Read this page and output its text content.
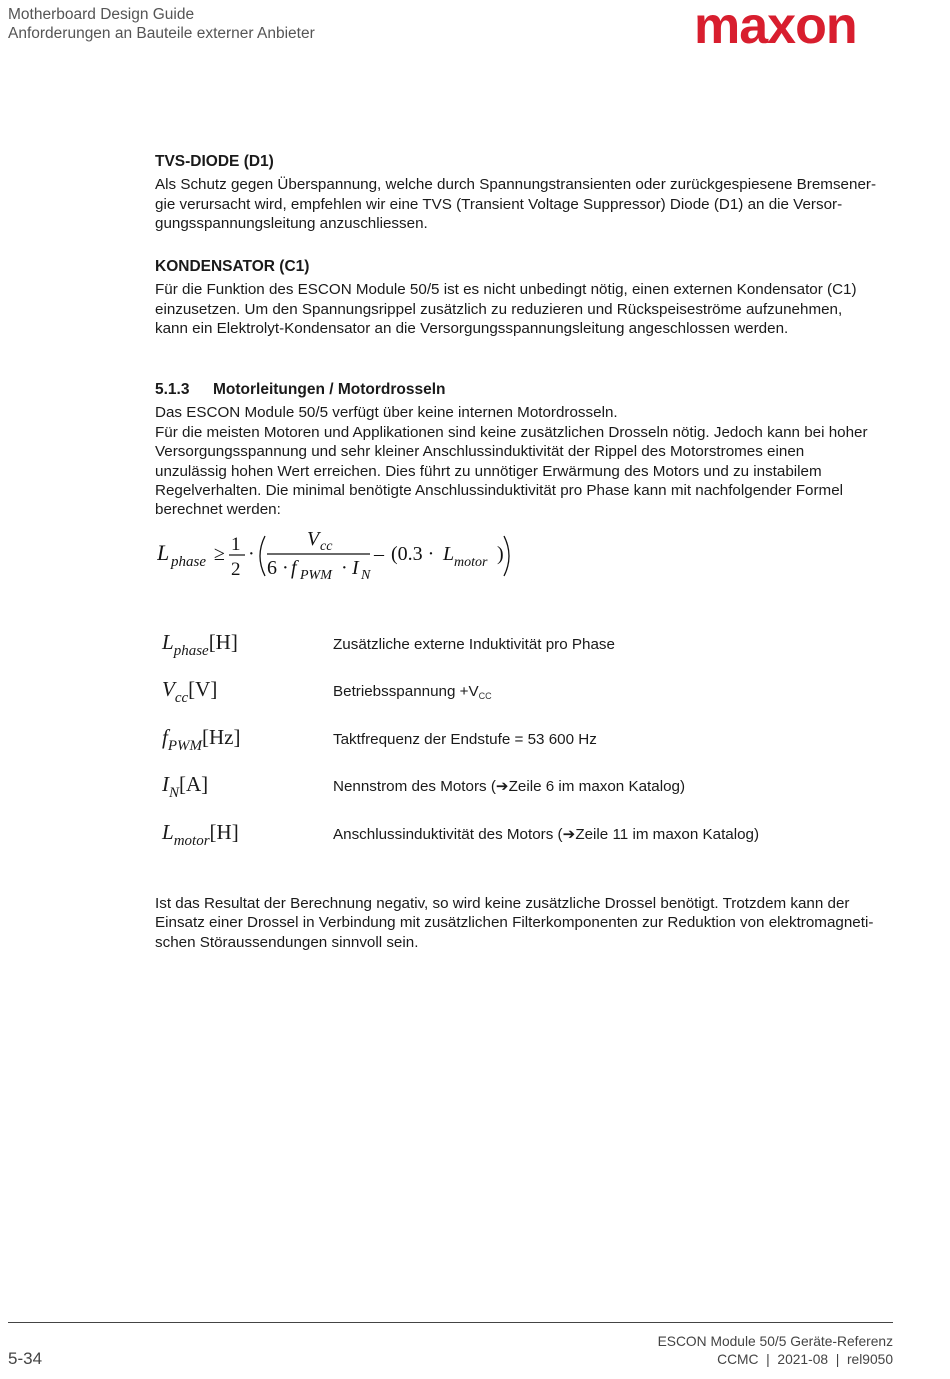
Motherboard Design Guide
Anforderungen an Bauteile externer Anbieter	maxon
TVS-DIODE (D1)
Als Schutz gegen Überspannung, welche durch Spannungstransienten oder zurückgespiesene Bremsener-
gie verursacht wird, empfehlen wir eine TVS (Transient Voltage Suppressor) Diode (D1) an die Versor-
gungsspannungsleitung anzuschliessen.
KONDENSATOR (C1)
Für die Funktion des ESCON Module 50/5 ist es nicht unbedingt nötig, einen externen Kondensator (C1)
einzusetzen. Um den Spannungsrippel zusätzlich zu reduzieren und Rückspeiseströme aufzunehmen,
kann ein Elektrolyt-Kondensator an die Versorgungsspannungsleitung angeschlossen werden.
5.1.3 Motorleitungen / Motordrosseln
Das ESCON Module 50/5 verfügt über keine internen Motordrosseln.
Für die meisten Motoren und Applikationen sind keine zusätzlichen Drosseln nötig. Jedoch kann bei hoher
Versorgungsspannung und sehr kleiner Anschlussinduktivität der Rippel des Motorstromes einen
unzulässig hohen Wert erreichen. Dies führt zu unnötiger Erwärmung des Motors und zu instabilem
Regelverhalten. Die minimal benötigte Anschlussinduktivität pro Phase kann mit nachfolgender Formel
berechnet werden:
L phase ≥ 1
2
·
V cc
6 · f PWM · I N
– (0.3 · L motor )
$L_{phase}[H]$	Zusätzliche externe Induktivität pro Phase
$V_{cc}[V]$	Betriebsspannung $+V_{CC}$
$f_{PWM}[Hz]$	Taktfrequenz der Endstufe = 53 600 Hz
$I_N[A]$	Nennstrom des Motors (➔Zeile 6 im maxon Katalog)
$L_{motor}[H]$	Anschlussinduktivität des Motors (➔Zeile 11 im maxon Katalog)
Ist das Resultat der Berechnung negativ, so wird keine zusätzliche Drossel benötigt. Trotzdem kann der
Einsatz einer Drossel in Verbindung mit zusätzlichen Filterkomponenten zur Reduktion von elektromagneti-
schen Störaussendungen sinnvoll sein.
5-34
ESCON Module 50/5 Geräte-Referenz
CCMC  |  2021-08  |  rel9050
